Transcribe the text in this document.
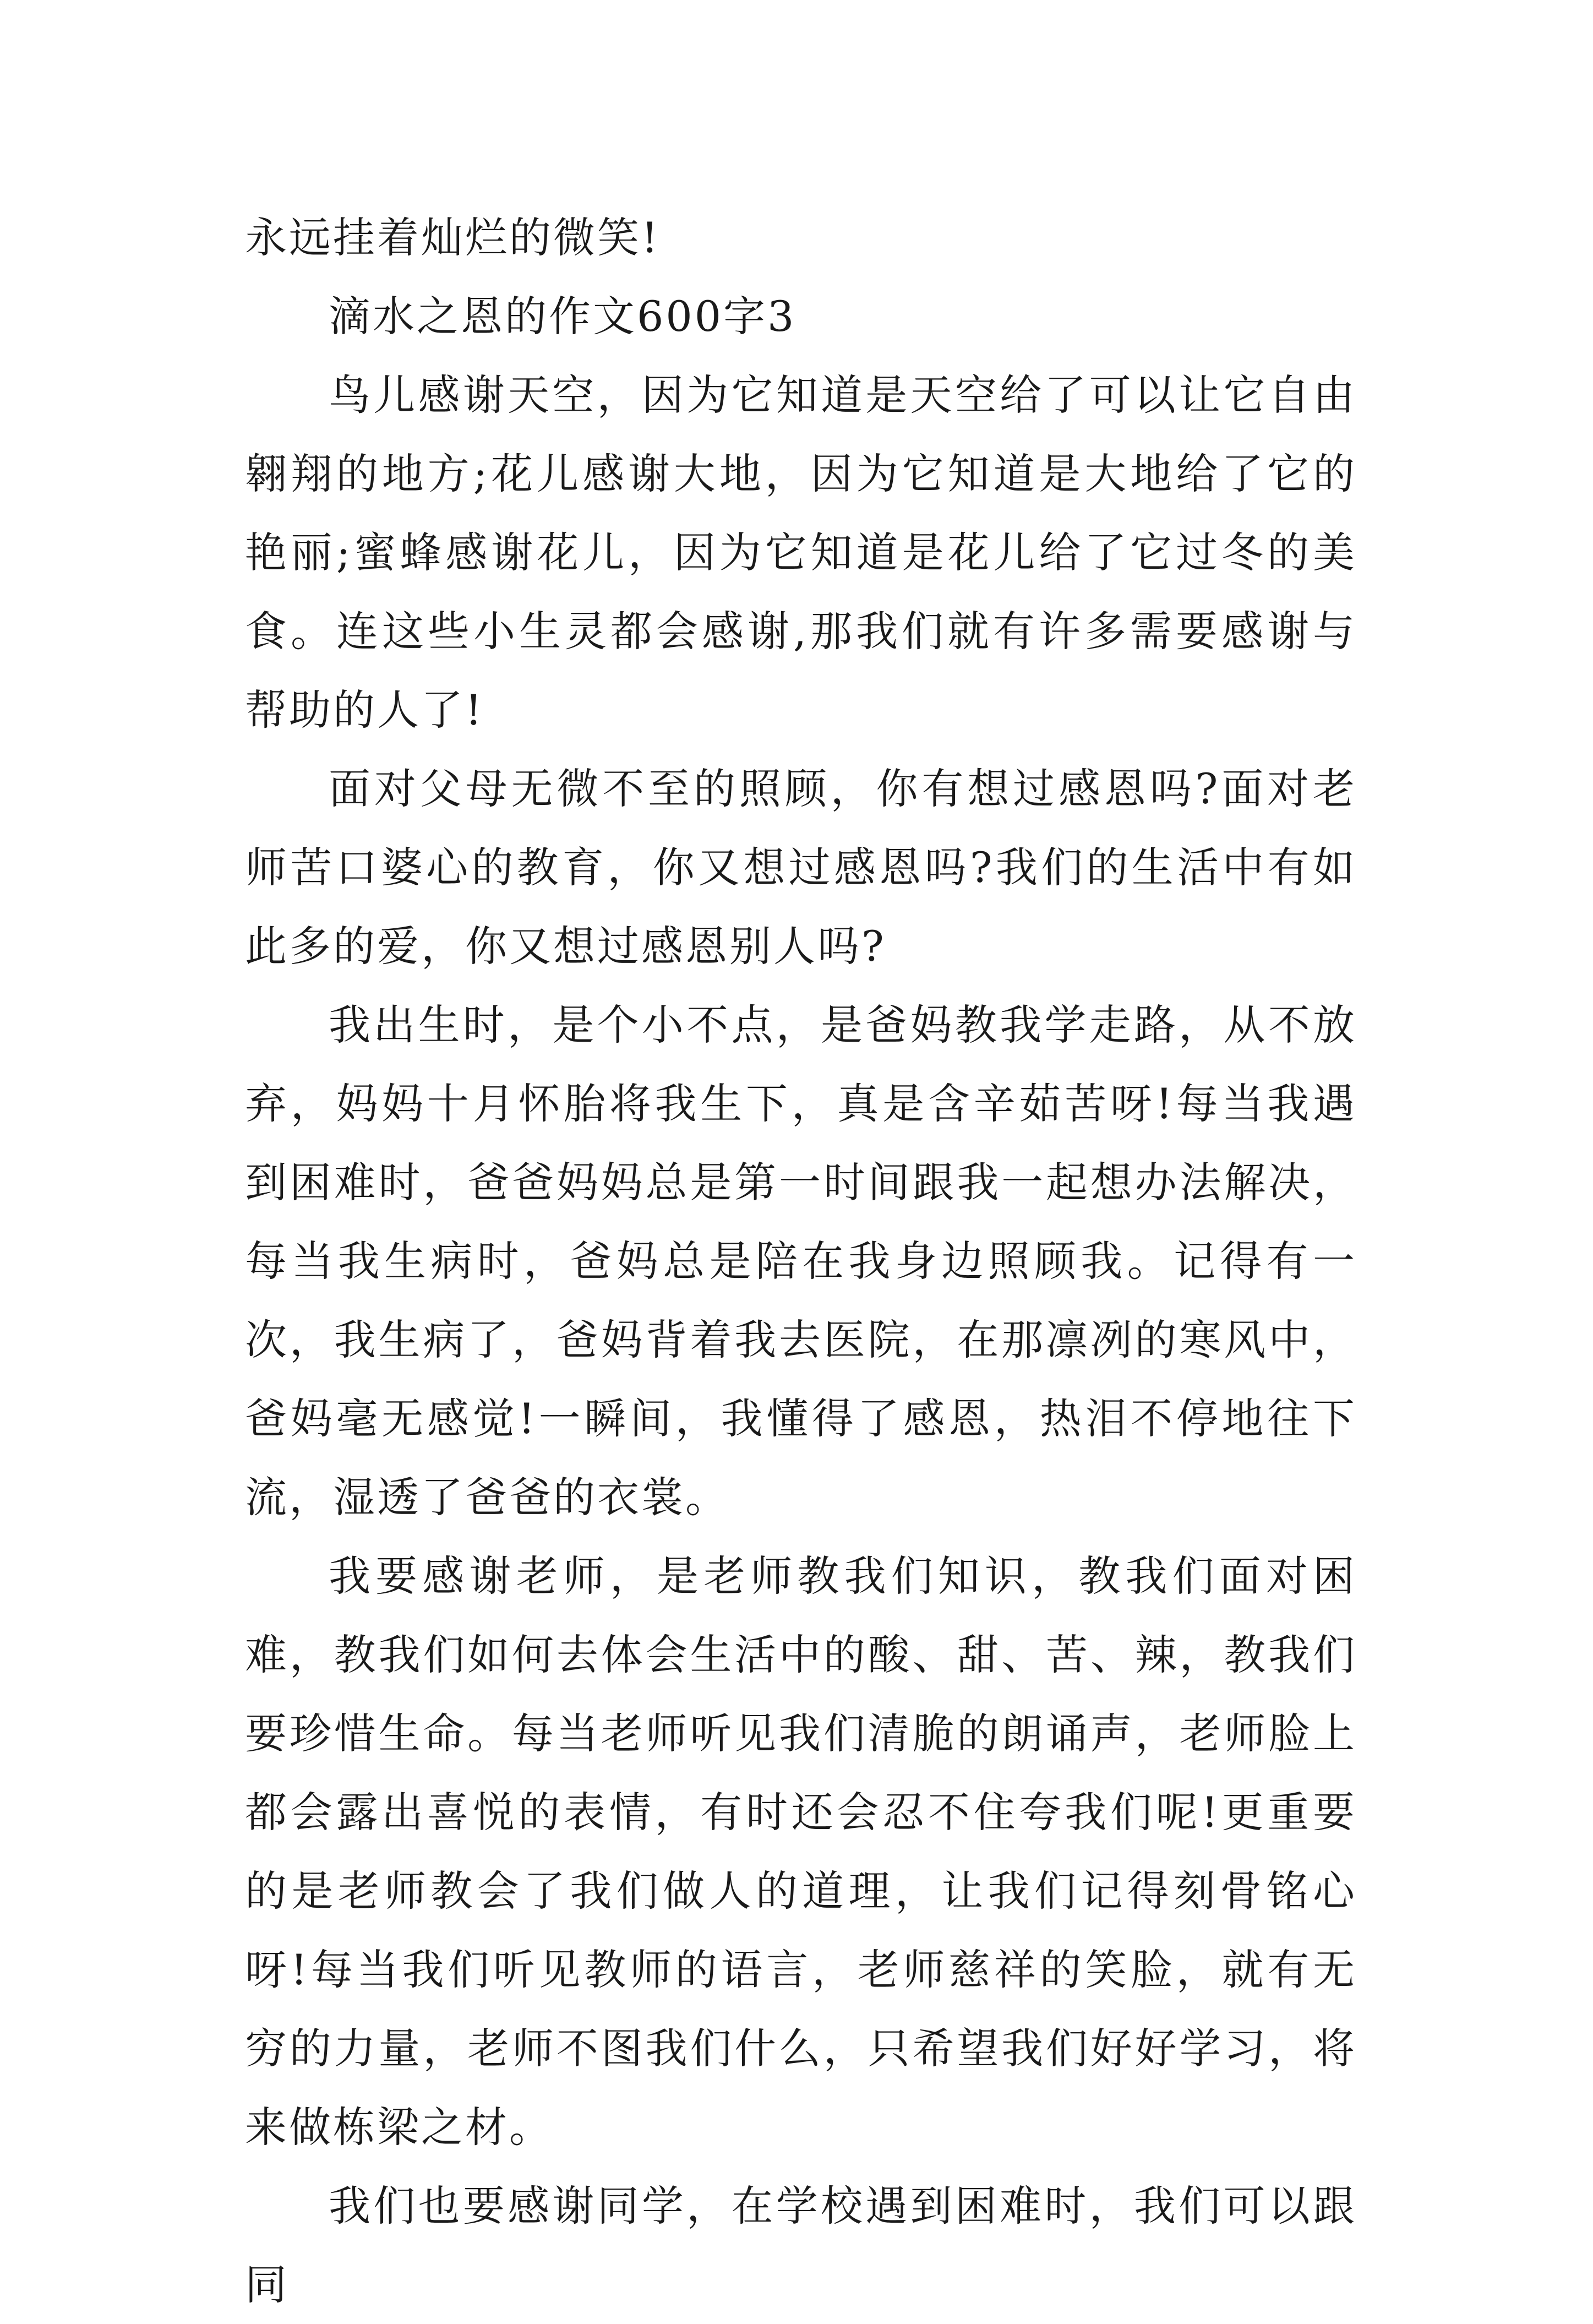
永远挂着灿烂的微笑!

滴水之恩的作文600字3

鸟儿感谢天空，因为它知道是天空给了可以让它自由翱翔的地方;花儿感谢大地，因为它知道是大地给了它的艳丽;蜜蜂感谢花儿，因为它知道是花儿给了它过冬的美食。连这些小生灵都会感谢,那我们就有许多需要感谢与帮助的人了!

面对父母无微不至的照顾，你有想过感恩吗?面对老师苦口婆心的教育，你又想过感恩吗?我们的生活中有如此多的爱，你又想过感恩别人吗?

我出生时，是个小不点，是爸妈教我学走路，从不放弃，妈妈十月怀胎将我生下，真是含辛茹苦呀!每当我遇到困难时，爸爸妈妈总是第一时间跟我一起想办法解决，每当我生病时，爸妈总是陪在我身边照顾我。记得有一次，我生病了，爸妈背着我去医院，在那凛冽的寒风中，爸妈毫无感觉!一瞬间，我懂得了感恩，热泪不停地往下流，湿透了爸爸的衣裳。

我要感谢老师，是老师教我们知识，教我们面对困难，教我们如何去体会生活中的酸、甜、苦、辣，教我们要珍惜生命。每当老师听见我们清脆的朗诵声，老师脸上都会露出喜悦的表情，有时还会忍不住夸我们呢!更重要的是老师教会了我们做人的道理，让我们记得刻骨铭心呀!每当我们听见教师的语言，老师慈祥的笑脸，就有无穷的力量，老师不图我们什么，只希望我们好好学习，将来做栋梁之材。

我们也要感谢同学，在学校遇到困难时，我们可以跟同
